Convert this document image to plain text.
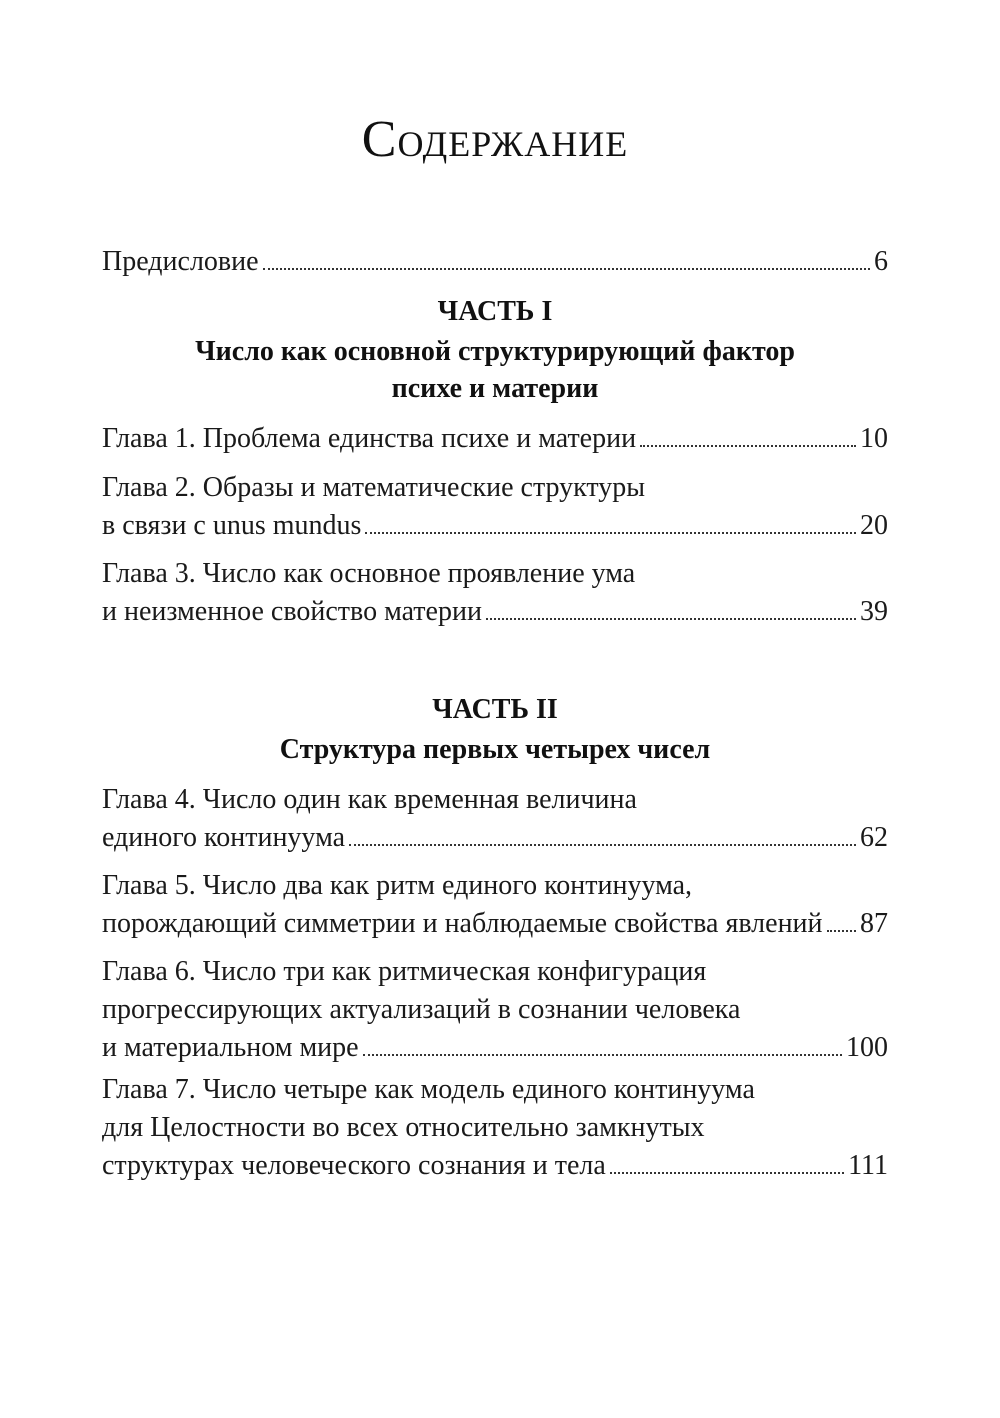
Содержание
Предисловие	6
ЧАСТЬ I
Число как основной структурирующий фактор
психе и материи
Глава 1. Проблема единства психе и материи	10
Глава 2. Образы и математические структуры
в связи с unus mundus	20
Глава 3. Число как основное проявление ума
и неизменное свойство материи	39
ЧАСТЬ II
Структура первых четырех чисел
Глава 4. Число один как временная величина
единого континуума	62
Глава 5. Число два как ритм единого континуума,
порождающий симметрии и наблюдаемые свойства явлений 87
Глава 6. Число три как ритмическая конфигурация
прогрессирующих актуализаций в сознании человека
и материальном мире	100
Глава 7. Число четыре как модель единого континуума
для Целостности во всех относительно замкнутых
структурах человеческого сознания и тела	111
